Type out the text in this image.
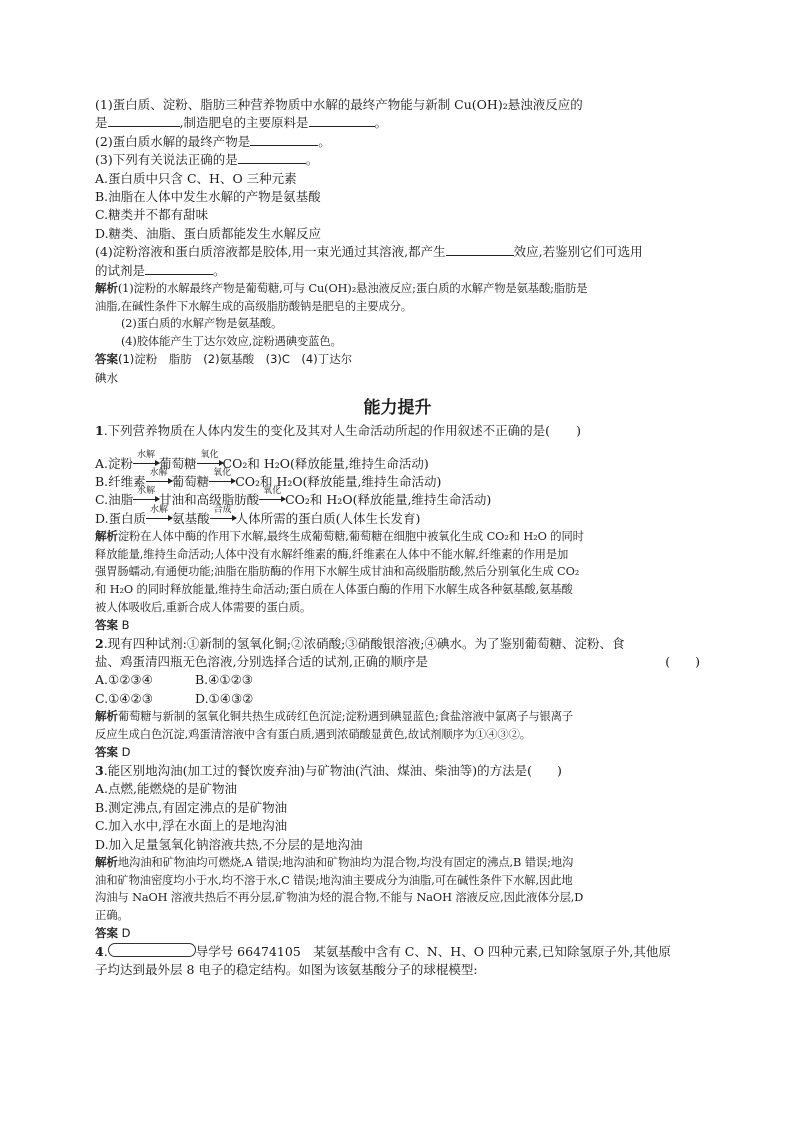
(1)蛋白质、淀粉、脂肪三种营养物质中水解的最终产物能与新制 Cu(OH)₂悬浊液反应的
是	,制造肥皂的主要原料是	。
(2)蛋白质水解的最终产物是	。
(3)下列有关说法正确的是	。
A.蛋白质中只含 C、H、O 三种元素
B.油脂在人体中发生水解的产物是氨基酸
C.糖类并不都有甜味
D.糖类、油脂、蛋白质都能发生水解反应
(4)淀粉溶液和蛋白质溶液都是胶体,用一束光通过其溶液,都产生	效应,若鉴别它们可选用
的试剂是	。
解析(1)淀粉的水解最终产物是葡萄糖,可与 Cu(OH)₂悬浊液反应;蛋白质的水解产物是氨基酸;脂肪是
油脂,在碱性条件下水解生成的高级脂肪酸钠是肥皂的主要成分。
(2)蛋白质的水解产物是氨基酸。
(4)胶体能产生丁达尔效应,淀粉遇碘变蓝色。
答案(1)淀粉　脂肪　(2)氨基酸　(3)C　(4)丁达尔
碘水
能力提升
1.下列营养物质在人体内发生的变化及其对人生命活动所起的作用叙述不正确的是( )
A.淀粉
水解
葡萄糖
氧化
CO₂和 H₂O(释放能量,维持生命活动)
B.纤维素
水解
葡萄糖
氧化
CO₂和 H₂O(释放能量,维持生命活动)
C.油脂
水解
甘油和高级脂肪酸
氧化
CO₂和 H₂O(释放能量,维持生命活动)
D.蛋白质
水解
氨基酸
合成
人体所需的蛋白质(人体生长发育)
解析淀粉在人体中酶的作用下水解,最终生成葡萄糖,葡萄糖在细胞中被氧化生成 CO₂和 H₂O 的同时
释放能量,维持生命活动;人体中没有水解纤维素的酶,纤维素在人体中不能水解,纤维素的作用是加
强胃肠蠕动,有通便功能;油脂在脂肪酶的作用下水解生成甘油和高级脂肪酸,然后分别氧化生成 CO₂
和 H₂O 的同时释放能量,维持生命活动;蛋白质在人体蛋白酶的作用下水解生成各种氨基酸,氨基酸
被人体吸收后,重新合成人体需要的蛋白质。
答案 B
2.现有四种试剂:①新制的氢氧化铜;②浓硝酸;③硝酸银溶液;④碘水。为了鉴别葡萄糖、淀粉、食
盐、鸡蛋清四瓶无色溶液,分别选择合适的试剂,正确的顺序是	(　　)
A.①②③④	B.④①②③
C.①④②③	D.①④③②
解析葡萄糖与新制的氢氧化铜共热生成砖红色沉淀;淀粉遇到碘显蓝色;食盐溶液中氯离子与银离子
反应生成白色沉淀,鸡蛋清溶液中含有蛋白质,遇到浓硝酸显黄色,故试剂顺序为①④③②。
答案 D
3.能区别地沟油(加工过的餐饮废弃油)与矿物油(汽油、煤油、柴油等)的方法是(　　)
A.点燃,能燃烧的是矿物油
B.测定沸点,有固定沸点的是矿物油
C.加入水中,浮在水面上的是地沟油
D.加入足量氢氧化钠溶液共热,不分层的是地沟油
解析地沟油和矿物油均可燃烧,A 错误;地沟油和矿物油均为混合物,均没有固定的沸点,B 错误;地沟
油和矿物油密度均小于水,均不溶于水,C 错误;地沟油主要成分为油脂,可在碱性条件下水解,因此地
沟油与 NaOH 溶液共热后不再分层,矿物油为烃的混合物,不能与 NaOH 溶液反应,因此液体分层,D
正确。
答案 D
4.	导学号 66474105　 某氨基酸中含有 C、N、H、O 四种元素,已知除氢原子外,其他原
子均达到最外层 8 电子的稳定结构。如图为该氨基酸分子的球棍模型:
